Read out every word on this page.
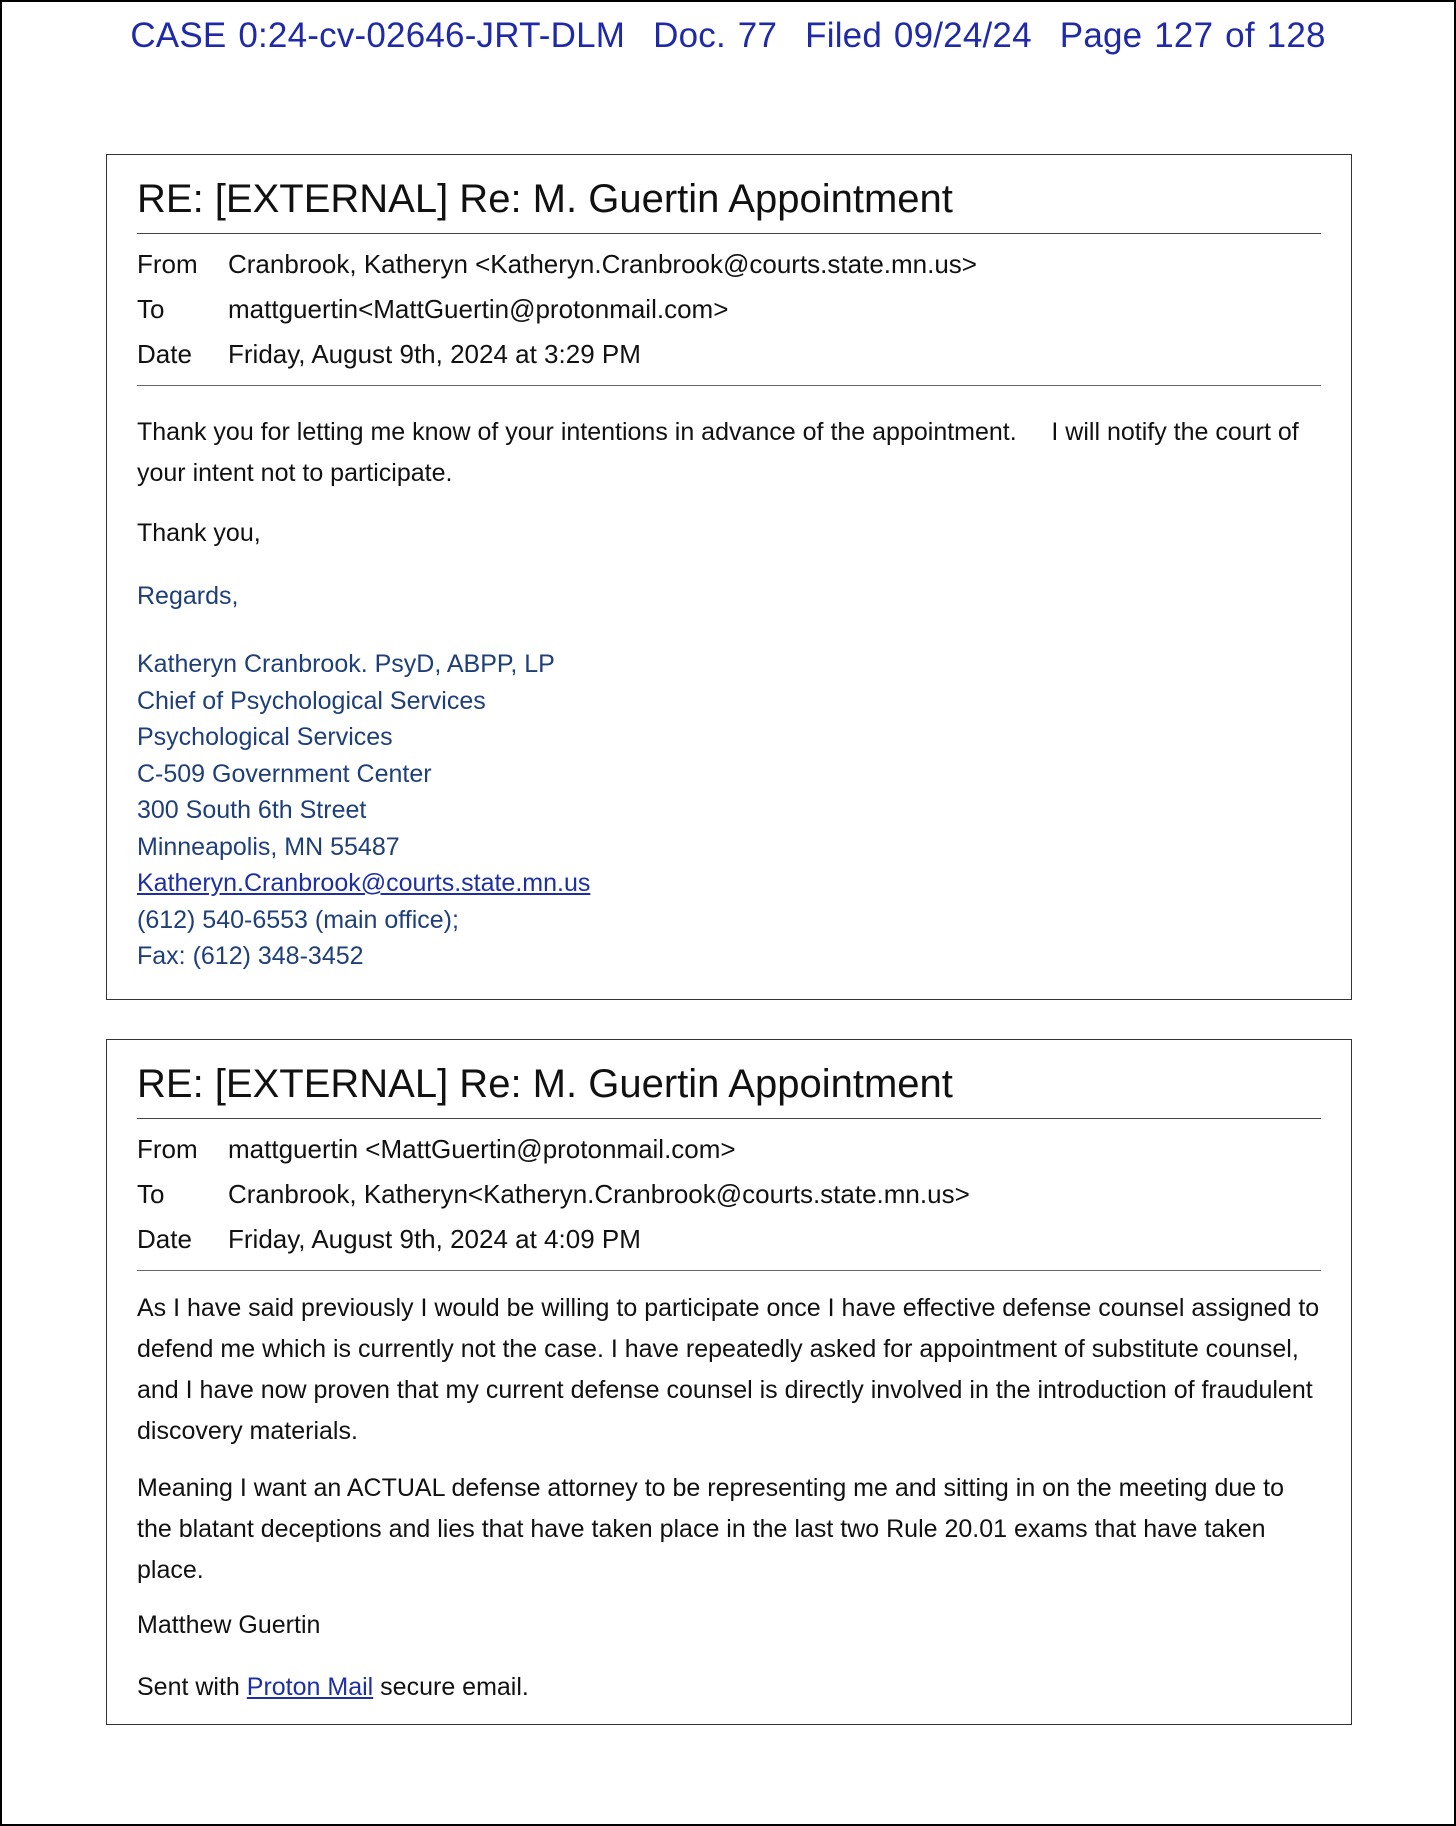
CASE 0:24-cv-02646-JRT-DLM Doc. 77 Filed 09/24/24 Page 127 of 128
RE: [EXTERNAL] Re: M. Guertin Appointment
From	Cranbrook, Katheryn <Katheryn.Cranbrook@courts.state.mn.us>
To	mattguertin<MattGuertin@protonmail.com>
Date	Friday, August 9th, 2024 at 3:29 PM

Thank you for letting me know of your intentions in advance of the appointment.     I will notify the court of your intent not to participate.

Thank you,

Regards,
Katheryn Cranbrook. PsyD, ABPP, LP
Chief of Psychological Services
Psychological Services
C-509 Government Center
300 South 6th Street
Minneapolis, MN 55487
Katheryn.Cranbrook@courts.state.mn.us
(612) 540-6553 (main office);
Fax: (612) 348-3452
RE: [EXTERNAL] Re: M. Guertin Appointment
From	mattguertin <MattGuertin@protonmail.com>
To	Cranbrook, Katheryn<Katheryn.Cranbrook@courts.state.mn.us>
Date	Friday, August 9th, 2024 at 4:09 PM

As I have said previously I would be willing to participate once I have effective defense counsel assigned to defend me which is currently not the case. I have repeatedly asked for appointment of substitute counsel, and I have now proven that my current defense counsel is directly involved in the introduction of fraudulent discovery materials.

Meaning I want an ACTUAL defense attorney to be representing me and sitting in on the meeting due to the blatant deceptions and lies that have taken place in the last two Rule 20.01 exams that have taken place.

Matthew Guertin

Sent with Proton Mail secure email.
